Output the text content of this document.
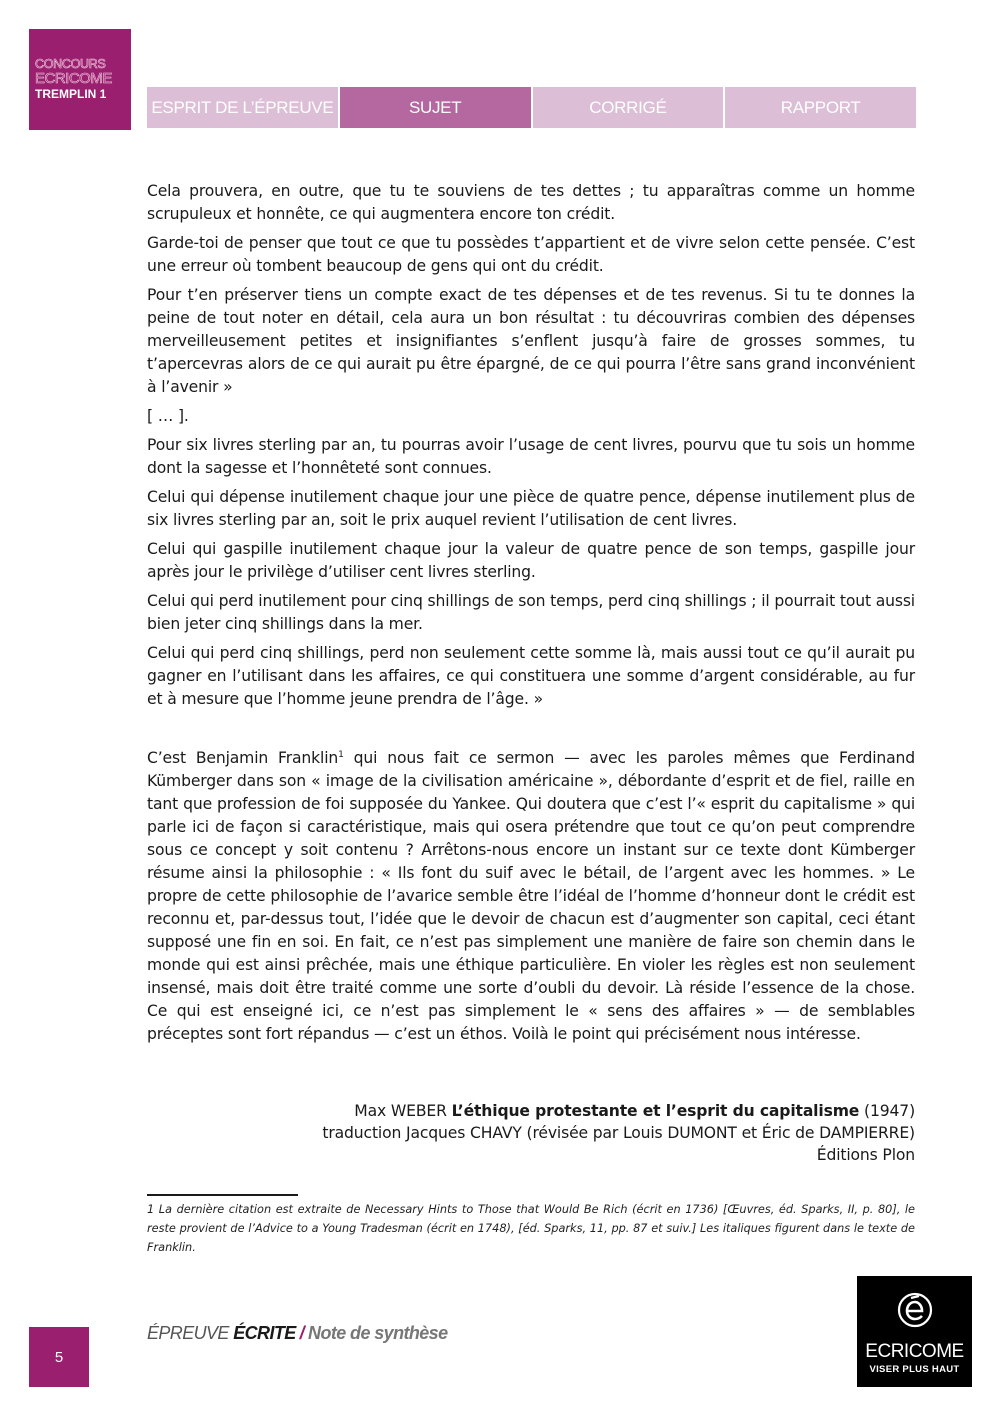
CONCOURS
ECRICOME
TREMPLIN 1
ESPRIT DE L’ÉPREUVE	SUJET	CORRIGÉ	RAPPORT

Cela prouvera, en outre, que tu te souviens de tes dettes ; tu apparaîtras comme un homme scrupuleux et honnête, ce qui augmentera encore ton crédit.

Garde-toi de penser que tout ce que tu possèdes t’appartient et de vivre selon cette pensée. C’est une erreur où tombent beaucoup de gens qui ont du crédit.

Pour t’en préserver tiens un compte exact de tes dépenses et de tes revenus. Si tu te donnes la peine de tout noter en détail, cela aura un bon résultat : tu découvriras combien des dépenses merveilleusement petites et insignifiantes s’enflent jusqu’à faire de grosses sommes, tu t’apercevras alors de ce qui aurait pu être épargné, de ce qui pourra l’être sans grand inconvénient à l’avenir »

[ … ].

Pour six livres sterling par an, tu pourras avoir l’usage de cent livres, pourvu que tu sois un homme dont la sagesse et l’honnêteté sont connues.

Celui qui dépense inutilement chaque jour une pièce de quatre pence, dépense inutilement plus de six livres sterling par an, soit le prix auquel revient l’utilisation de cent livres.

Celui qui gaspille inutilement chaque jour la valeur de quatre pence de son temps, gaspille jour après jour le privilège d’utiliser cent livres sterling.

Celui qui perd inutilement pour cinq shillings de son temps, perd cinq shillings ; il pourrait tout aussi bien jeter cinq shillings dans la mer.

Celui qui perd cinq shillings, perd non seulement cette somme là, mais aussi tout ce qu’il aurait pu gagner en l’utilisant dans les affaires, ce qui constituera une somme d’argent considérable, au fur et à mesure que l’homme jeune prendra de l’âge. »

C’est Benjamin Franklin$^1$ qui nous fait ce sermon — avec les paroles mêmes que Ferdinand Kümberger dans son « image de la civilisation américaine », débordante d’esprit et de fiel, raille en tant que profession de foi supposée du Yankee. Qui doutera que c’est l’« esprit du capitalisme » qui parle ici de façon si caractéristique, mais qui osera prétendre que tout ce qu’on peut comprendre sous ce concept y soit contenu ? Arrêtons-nous encore un instant sur ce texte dont Kümberger résume ainsi la philosophie : « Ils font du suif avec le bétail, de l’argent avec les hommes. » Le propre de cette philosophie de l’avarice semble être l’idéal de l’homme d’honneur dont le crédit est reconnu et, par-dessus tout, l’idée que le devoir de chacun est d’augmenter son capital, ceci étant supposé une fin en soi. En fait, ce n’est pas simplement une manière de faire son chemin dans le monde qui est ainsi prêchée, mais une éthique particulière. En violer les règles est non seulement insensé, mais doit être traité comme une sorte d’oubli du devoir. Là réside l’essence de la chose. Ce qui est enseigné ici, ce n’est pas simplement le « sens des affaires » — de semblables préceptes sont fort répandus — c’est un éthos. Voilà le point qui précisément nous intéresse.

Max WEBER L’éthique protestante et l’esprit du capitalisme (1947)
traduction Jacques CHAVY (révisée par Louis DUMONT et Éric de DAMPIERRE)
Éditions Plon
1 La dernière citation est extraite de Necessary Hints to Those that Would Be Rich (écrit en 1736) [Œuvres, éd. Sparks, II, p. 80], le reste provient de l’Advice to a Young Tradesman (écrit en 1748), [éd. Sparks, 11, pp. 87 et suiv.] Les italiques figurent dans le texte de Franklin.
5
ÉPREUVE ÉCRITE / Note de synthèse
ECRICOME
VISER PLUS HAUT
